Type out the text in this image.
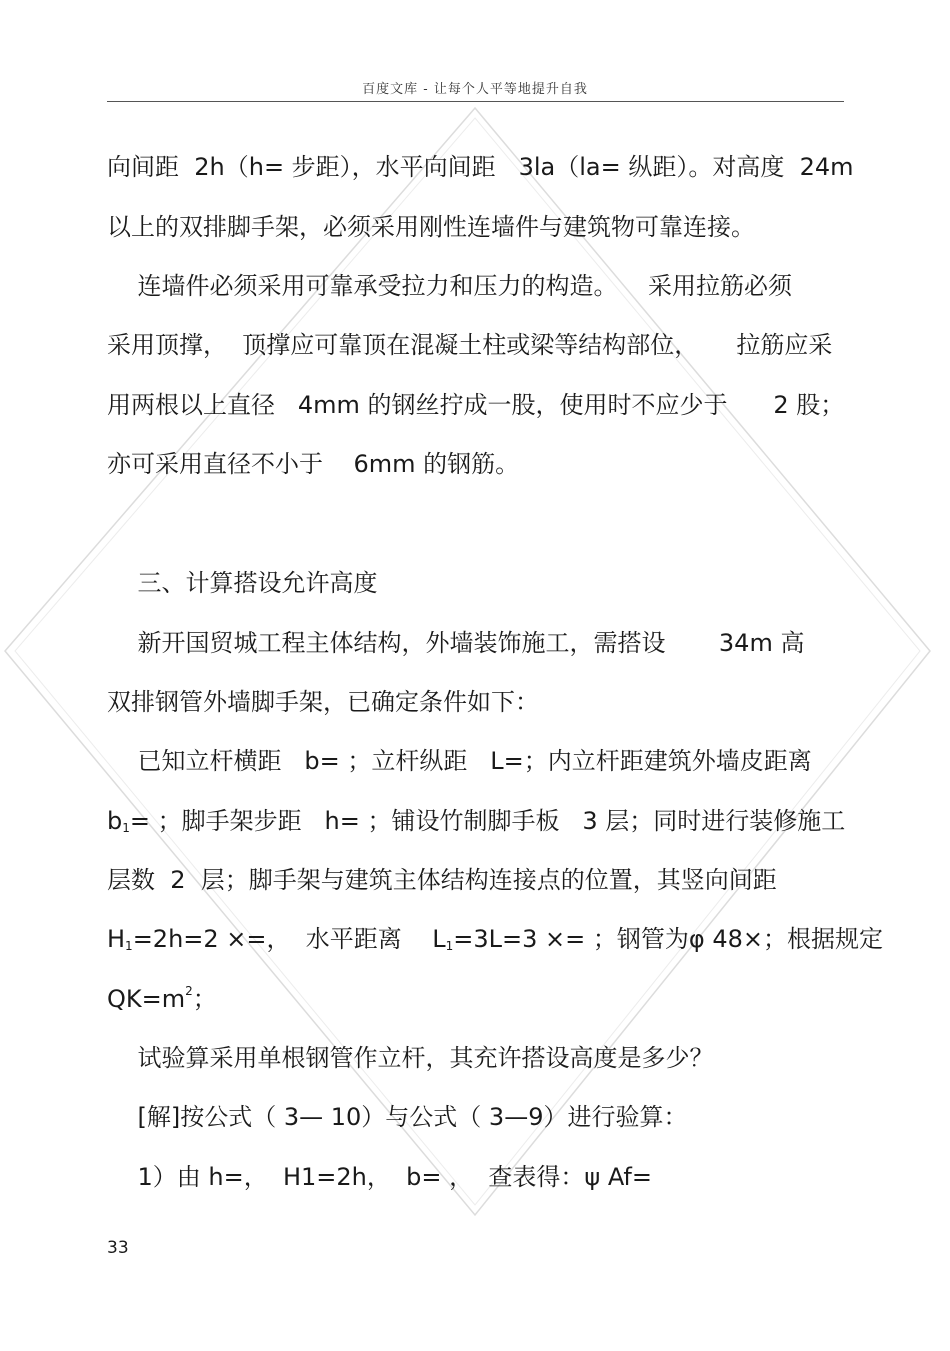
百度文库 - 让每个人平等地提升自我
向间距  2h（h= 步距），水平向间距   3la（la= 纵距）。对高度  24m
以上的双排脚手架，必须采用刚性连墙件与建筑物可靠连接。
连墙件必须采用可靠承受拉力和压力的构造。    采用拉筋必须
采用顶撑，  顶撑应可靠顶在混凝土柱或梁等结构部位，     拉筋应采
用两根以上直径   4mm 的钢丝拧成一股，使用时不应少于      2 股；
亦可采用直径不小于    6mm 的钢筋。
三、计算搭设允许高度
新开国贸城工程主体结构，外墙装饰施工，需搭设       34m 高
双排钢管外墙脚手架，已确定条件如下：
已知立杆横距   b= ；立杆纵距   L=；内立杆距建筑外墙皮距离
b1= ；脚手架步距   h= ；铺设竹制脚手板   3 层；同时进行装修施工
层数  2  层；脚手架与建筑主体结构连接点的位置，其竖向间距
H1=2h=2 ×=，  水平距离    L1=3L=3 ×= ；钢管为φ 48×；根据规定
$QK=m^2$；
试验算采用单根钢管作立杆，其充许搭设高度是多少？
[解]按公式（ 3— 10）与公式（ 3—9）进行验算：
1）由 h=，  H1=2h，  b= ，  查表得：ψ Af=
33
